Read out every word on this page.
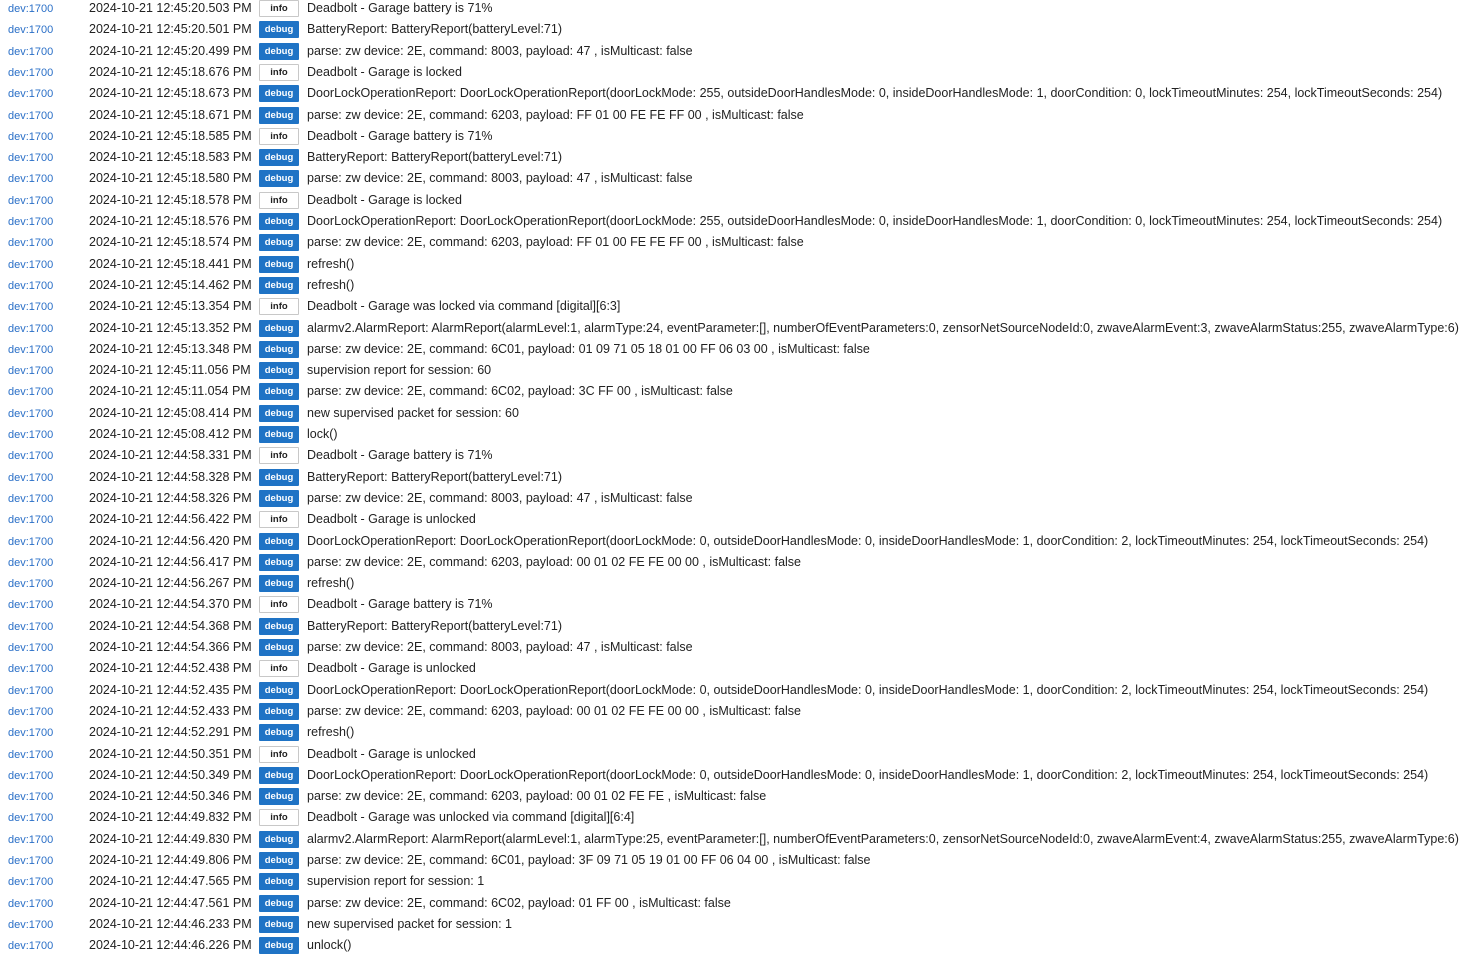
dev:1700	2024-10-21 12:45:20.503 PM	info	Deadbolt - Garage battery is 71%
dev:1700	2024-10-21 12:45:20.501 PM	debug	BatteryReport: BatteryReport(batteryLevel:71)
dev:1700	2024-10-21 12:45:20.499 PM	debug	parse: zw device: 2E, command: 8003, payload: 47 , isMulticast: false
dev:1700	2024-10-21 12:45:18.676 PM	info	Deadbolt - Garage is locked
dev:1700	2024-10-21 12:45:18.673 PM	debug	DoorLockOperationReport: DoorLockOperationReport(doorLockMode: 255, outsideDoorHandlesMode: 0, insideDoorHandlesMode: 1, doorCondition: 0, lockTimeoutMinutes: 254, lockTimeoutSeconds: 254)
dev:1700	2024-10-21 12:45:18.671 PM	debug	parse: zw device: 2E, command: 6203, payload: FF 01 00 FE FE FF 00 , isMulticast: false
dev:1700	2024-10-21 12:45:18.585 PM	info	Deadbolt - Garage battery is 71%
dev:1700	2024-10-21 12:45:18.583 PM	debug	BatteryReport: BatteryReport(batteryLevel:71)
dev:1700	2024-10-21 12:45:18.580 PM	debug	parse: zw device: 2E, command: 8003, payload: 47 , isMulticast: false
dev:1700	2024-10-21 12:45:18.578 PM	info	Deadbolt - Garage is locked
dev:1700	2024-10-21 12:45:18.576 PM	debug	DoorLockOperationReport: DoorLockOperationReport(doorLockMode: 255, outsideDoorHandlesMode: 0, insideDoorHandlesMode: 1, doorCondition: 0, lockTimeoutMinutes: 254, lockTimeoutSeconds: 254)
dev:1700	2024-10-21 12:45:18.574 PM	debug	parse: zw device: 2E, command: 6203, payload: FF 01 00 FE FE FF 00 , isMulticast: false
dev:1700	2024-10-21 12:45:18.441 PM	debug	refresh()
dev:1700	2024-10-21 12:45:14.462 PM	debug	refresh()
dev:1700	2024-10-21 12:45:13.354 PM	info	Deadbolt - Garage was locked via command [digital][6:3]
dev:1700	2024-10-21 12:45:13.352 PM	debug	alarmv2.AlarmReport: AlarmReport(alarmLevel:1, alarmType:24, eventParameter:[], numberOfEventParameters:0, zensorNetSourceNodeId:0, zwaveAlarmEvent:3, zwaveAlarmStatus:255, zwaveAlarmType:6)
dev:1700	2024-10-21 12:45:13.348 PM	debug	parse: zw device: 2E, command: 6C01, payload: 01 09 71 05 18 01 00 FF 06 03 00 , isMulticast: false
dev:1700	2024-10-21 12:45:11.056 PM	debug	supervision report for session: 60
dev:1700	2024-10-21 12:45:11.054 PM	debug	parse: zw device: 2E, command: 6C02, payload: 3C FF 00 , isMulticast: false
dev:1700	2024-10-21 12:45:08.414 PM	debug	new supervised packet for session: 60
dev:1700	2024-10-21 12:45:08.412 PM	debug	lock()
dev:1700	2024-10-21 12:44:58.331 PM	info	Deadbolt - Garage battery is 71%
dev:1700	2024-10-21 12:44:58.328 PM	debug	BatteryReport: BatteryReport(batteryLevel:71)
dev:1700	2024-10-21 12:44:58.326 PM	debug	parse: zw device: 2E, command: 8003, payload: 47 , isMulticast: false
dev:1700	2024-10-21 12:44:56.422 PM	info	Deadbolt - Garage is unlocked
dev:1700	2024-10-21 12:44:56.420 PM	debug	DoorLockOperationReport: DoorLockOperationReport(doorLockMode: 0, outsideDoorHandlesMode: 0, insideDoorHandlesMode: 1, doorCondition: 2, lockTimeoutMinutes: 254, lockTimeoutSeconds: 254)
dev:1700	2024-10-21 12:44:56.417 PM	debug	parse: zw device: 2E, command: 6203, payload: 00 01 02 FE FE 00 00 , isMulticast: false
dev:1700	2024-10-21 12:44:56.267 PM	debug	refresh()
dev:1700	2024-10-21 12:44:54.370 PM	info	Deadbolt - Garage battery is 71%
dev:1700	2024-10-21 12:44:54.368 PM	debug	BatteryReport: BatteryReport(batteryLevel:71)
dev:1700	2024-10-21 12:44:54.366 PM	debug	parse: zw device: 2E, command: 8003, payload: 47 , isMulticast: false
dev:1700	2024-10-21 12:44:52.438 PM	info	Deadbolt - Garage is unlocked
dev:1700	2024-10-21 12:44:52.435 PM	debug	DoorLockOperationReport: DoorLockOperationReport(doorLockMode: 0, outsideDoorHandlesMode: 0, insideDoorHandlesMode: 1, doorCondition: 2, lockTimeoutMinutes: 254, lockTimeoutSeconds: 254)
dev:1700	2024-10-21 12:44:52.433 PM	debug	parse: zw device: 2E, command: 6203, payload: 00 01 02 FE FE 00 00 , isMulticast: false
dev:1700	2024-10-21 12:44:52.291 PM	debug	refresh()
dev:1700	2024-10-21 12:44:50.351 PM	info	Deadbolt - Garage is unlocked
dev:1700	2024-10-21 12:44:50.349 PM	debug	DoorLockOperationReport: DoorLockOperationReport(doorLockMode: 0, outsideDoorHandlesMode: 0, insideDoorHandlesMode: 1, doorCondition: 2, lockTimeoutMinutes: 254, lockTimeoutSeconds: 254)
dev:1700	2024-10-21 12:44:50.346 PM	debug	parse: zw device: 2E, command: 6203, payload: 00 01 02 FE FE , isMulticast: false
dev:1700	2024-10-21 12:44:49.832 PM	info	Deadbolt - Garage was unlocked via command [digital][6:4]
dev:1700	2024-10-21 12:44:49.830 PM	debug	alarmv2.AlarmReport: AlarmReport(alarmLevel:1, alarmType:25, eventParameter:[], numberOfEventParameters:0, zensorNetSourceNodeId:0, zwaveAlarmEvent:4, zwaveAlarmStatus:255, zwaveAlarmType:6)
dev:1700	2024-10-21 12:44:49.806 PM	debug	parse: zw device: 2E, command: 6C01, payload: 3F 09 71 05 19 01 00 FF 06 04 00 , isMulticast: false
dev:1700	2024-10-21 12:44:47.565 PM	debug	supervision report for session: 1
dev:1700	2024-10-21 12:44:47.561 PM	debug	parse: zw device: 2E, command: 6C02, payload: 01 FF 00 , isMulticast: false
dev:1700	2024-10-21 12:44:46.233 PM	debug	new supervised packet for session: 1
dev:1700	2024-10-21 12:44:46.226 PM	debug	unlock()
